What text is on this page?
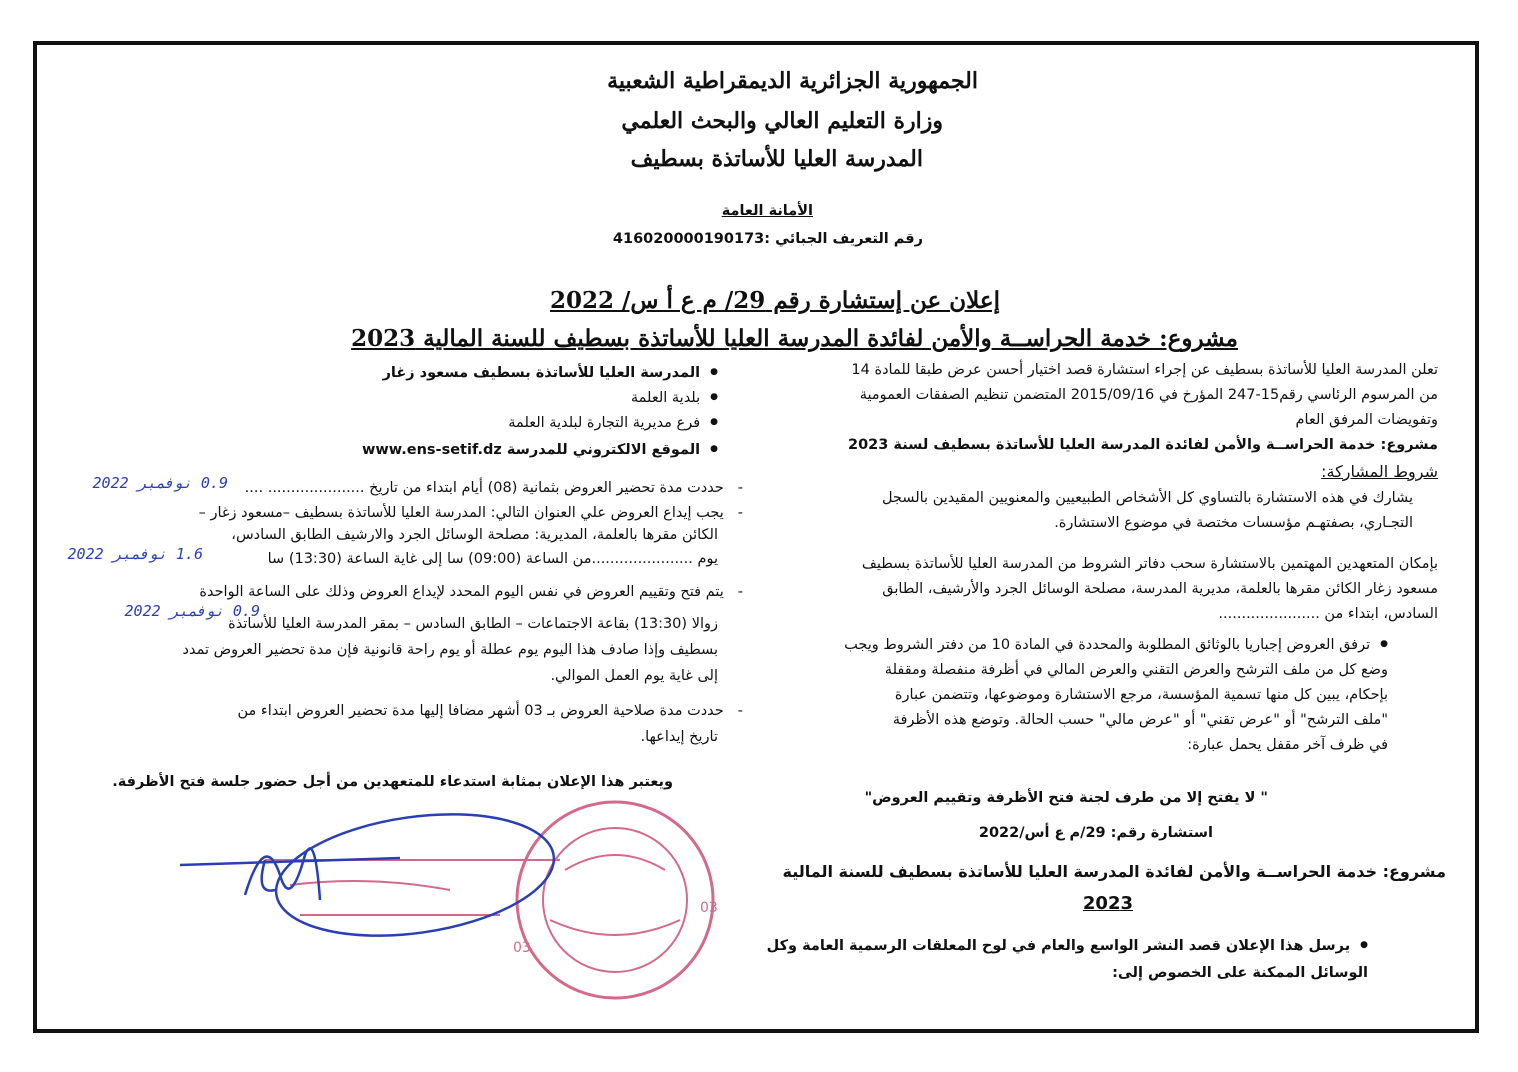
الجمهورية الجزائرية الديمقراطية الشعبية
وزارة التعليم العالي والبحث العلمي
المدرسة العليا للأساتذة بسطيف
الأمانة العامة
رقم التعريف الجبائي :416020000190173
إعلان عن إستشارة رقم 29/ م ع أ س/ 2022
مشروع: خدمة الحراســة والأمن لفائدة المدرسة العليا للأساتذة بسطيف للسنة المالية 2023
تعلن المدرسة العليا للأساتذة بسطيف عن إجراء استشارة قصد اختيار أحسن عرض طبقا للمادة 14
من المرسوم الرئاسي رقم15-247 المؤرخ في 2015/09/16 المتضمن تنظيم الصفقات العمومية
وتفويضات المرفق العام
مشروع: خدمة الحراســة والأمن لفائدة المدرسة العليا للأساتذة بسطيف لسنة 2023
شروط المشاركة:
يشارك في هذه الاستشارة بالتساوي كل الأشخاص الطبيعيين والمعنويين المقيدين بالسجل
التجـاري، بصفتهـم مؤسسات مختصة في موضوع الاستشارة.
بإمكان المتعهدين المهتمين بالاستشارة سحب دفاتر الشروط من المدرسة العليا للأساتذة بسطيف
مسعود زغار الكائن مقرها بالعلمة، مديرية المدرسة، مصلحة الوسائل الجرد والأرشيف، الطابق
السادس، ابتداء من ......................
0.9 نوفمبر 2022
● ترفق العروض إجباريا بالوثائق المطلوبة والمحددة في المادة 10 من دفتر الشروط ويجب
وضع كل من ملف الترشح والعرض التقني والعرض المالي في أظرفة منفصلة ومقفلة
بإحكام، يبين كل منها تسمية المؤسسة، مرجع الاستشارة وموضوعها، وتتضمن عبارة
"ملف الترشح" أو "عرض تقني" أو "عرض مالي" حسب الحالة. وتوضع هذه الأظرفة
في ظرف آخر مقفل يحمل عبارة:
" لا يفتح إلا من طرف لجنة فتح الأظرفة وتقييم العروض"
استشارة رقم: 29/م ع أس/2022
مشروع: خدمة الحراســة والأمن لفائدة المدرسة العليا للأساتذة بسطيف للسنة المالية
2023
● يرسل هذا الإعلان قصد النشر الواسع والعام في لوح المعلقات الرسمية العامة وكل
الوسائل الممكنة على الخصوص إلى:
● المدرسة العليا للأساتذة بسطيف مسعود زغار
● بلدية العلمة
● فرع مديرية التجارة لبلدية العلمة
● الموقع الالكتروني للمدرسة www.ens-setif.dz
- حددت مدة تحضير العروض بثمانية (08) أيام ابتداء من تاريخ ..................... ....
0.9 نوفمبر 2022
- يجب إيداع العروض علي العنوان التالي: المدرسة العليا للأساتذة بسطيف –مسعود زغار –
الكائن مقرها بالعلمة، المديرية: مصلحة الوسائل الجرد والارشيف الطابق السادس،
يوم ......................من الساعة (09:00) سا إلى غاية الساعة (13:30) سا
1.6 نوفمبر 2022
- يتم فتح وتقييم العروض في نفس اليوم المحدد لإيداع العروض وذلك على الساعة الواحدة
زوالا (13:30) بقاعة الاجتماعات – الطابق السادس – بمقر المدرسة العليا للأساتذة
بسطيف وإذا صادف هذا اليوم يوم عطلة أو يوم راحة قانونية فإن مدة تحضير العروض تمدد
إلى غاية يوم العمل الموالي.
- حددت مدة صلاحية العروض بـ 03 أشهر مضافا إليها مدة تحضير العروض ابتداء من
تاريخ إيداعها.
ويعتبر هذا الإعلان بمثابة استدعاء للمتعهدين من أجل حضور جلسة فتح الأظرفة.
03
03
